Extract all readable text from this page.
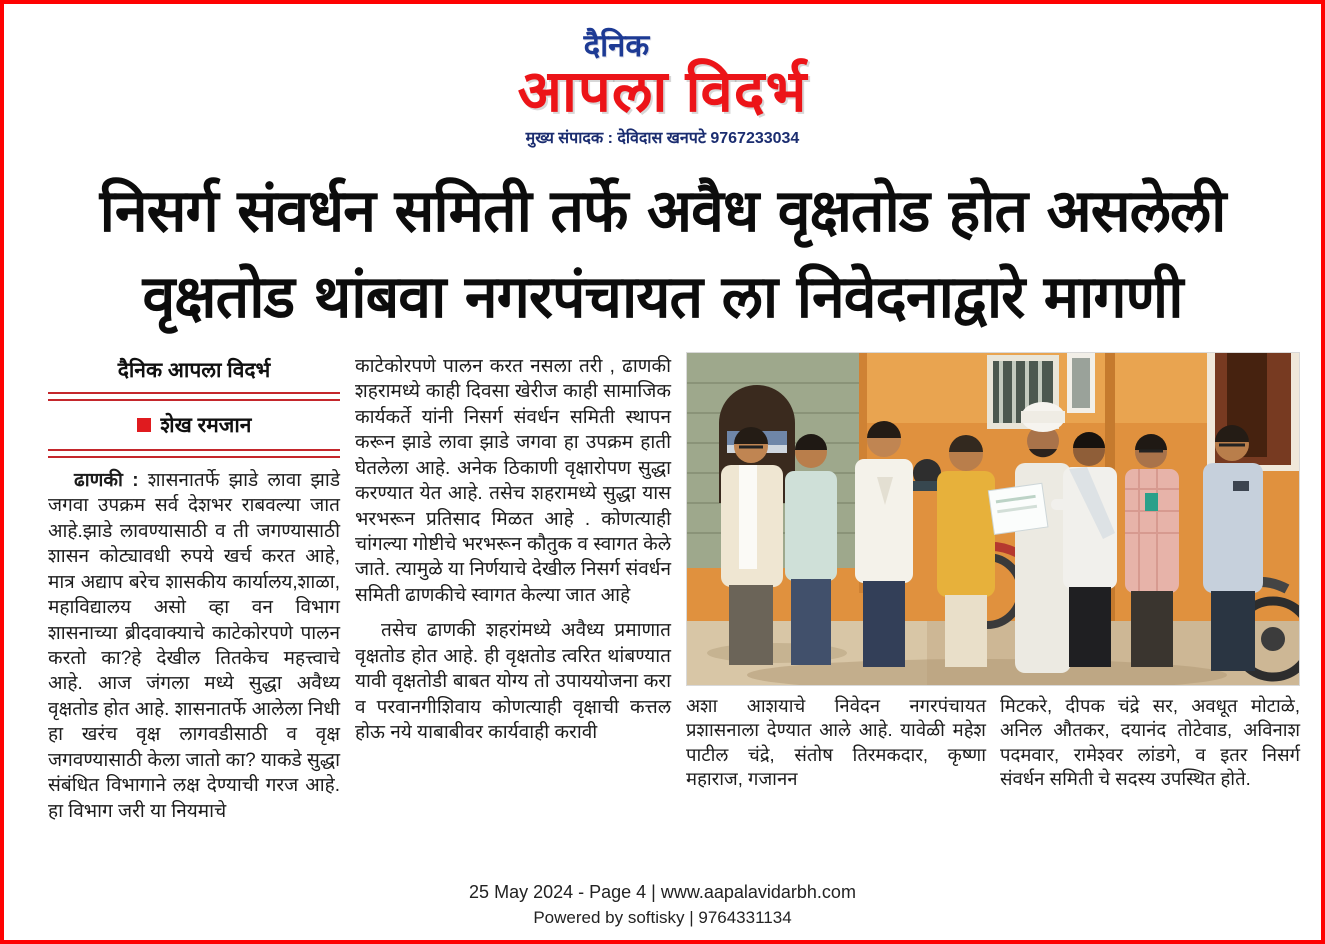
दैनिक
आपला विदर्भ
मुख्य संपादक : देविदास खनपटे 9767233034
निसर्ग संवर्धन समिती तर्फे अवैध वृक्षतोड होत असलेली
वृक्षतोड थांबवा नगरपंचायत ला निवेदनाद्वारे मागणी
दैनिक आपला विदर्भ
शेख रमजान

ढाणकी : शासनातर्फे झाडे लावा झाडे जगवा उपक्रम सर्व देशभर राबवल्या जात आहे.झाडे लावण्यासाठी व ती जगण्यासाठी शासन कोट्यावधी रुपये खर्च करत आहे, मात्र अद्याप बरेच शासकीय कार्यालय,शाळा, महाविद्यालय असो व्हा वन विभाग शासनाच्या ब्रीदवाक्याचे काटेकोरपणे पालन करतो का?हे देखील तितकेच महत्त्वाचे आहे. आज जंगला मध्ये सुद्धा अवैध्य वृक्षतोड होत आहे. शासनातर्फे आलेला निधी हा खरंच वृक्ष लागवडीसाठी व वृक्ष जगवण्यासाठी केला जातो का? याकडे सुद्धा संबंधित विभागाने लक्ष देण्याची गरज आहे. हा विभाग जरी या नियमाचे

काटेकोरपणे पालन करत नसला तरी , ढाणकी शहरामध्ये काही दिवसा खेरीज काही सामाजिक कार्यकर्ते यांनी निसर्ग संवर्धन समिती स्थापन करून झाडे लावा झाडे जगवा हा उपक्रम हाती घेतलेला आहे. अनेक ठिकाणी वृक्षारोपण सुद्धा करण्यात येत आहे. तसेच शहरामध्ये सुद्धा यास भरभरून प्रतिसाद मिळत आहे . कोणत्याही चांगल्या गोष्टीचे भरभरून कौतुक व स्वागत केले जाते. त्यामुळे या निर्णयाचे देखील निसर्ग संवर्धन समिती ढाणकीचे स्वागत केल्या जात आहे

तसेच ढाणकी शहरांमध्ये अवैध्य प्रमाणात वृक्षतोड होत आहे. ही वृक्षतोड त्वरित थांबण्यात यावी वृक्षतोडी बाबत योग्य तो उपाययोजना करा व परवानगीशिवाय कोणत्याही वृक्षाची कत्तल होऊ नये याबाबीवर कार्यवाही करावी

अशा आशयाचे निवेदन नगरपंचायत प्रशासनाला देण्यात आले आहे. यावेळी महेश पाटील चंद्रे, संतोष तिरमकदार, कृष्णा महाराज, गजानन

मिटकरे, दीपक चंद्रे सर, अवधूत मोटाळे, अनिल औतकर, दयानंद तोटेवाड, अविनाश पदमवार, रामेश्वर लांडगे, व इतर निसर्ग संवर्धन समिती चे सदस्य उपस्थित होते.

25 May 2024 - Page 4 | www.aapalavidarbh.com
Powered by softisky | 9764331134
